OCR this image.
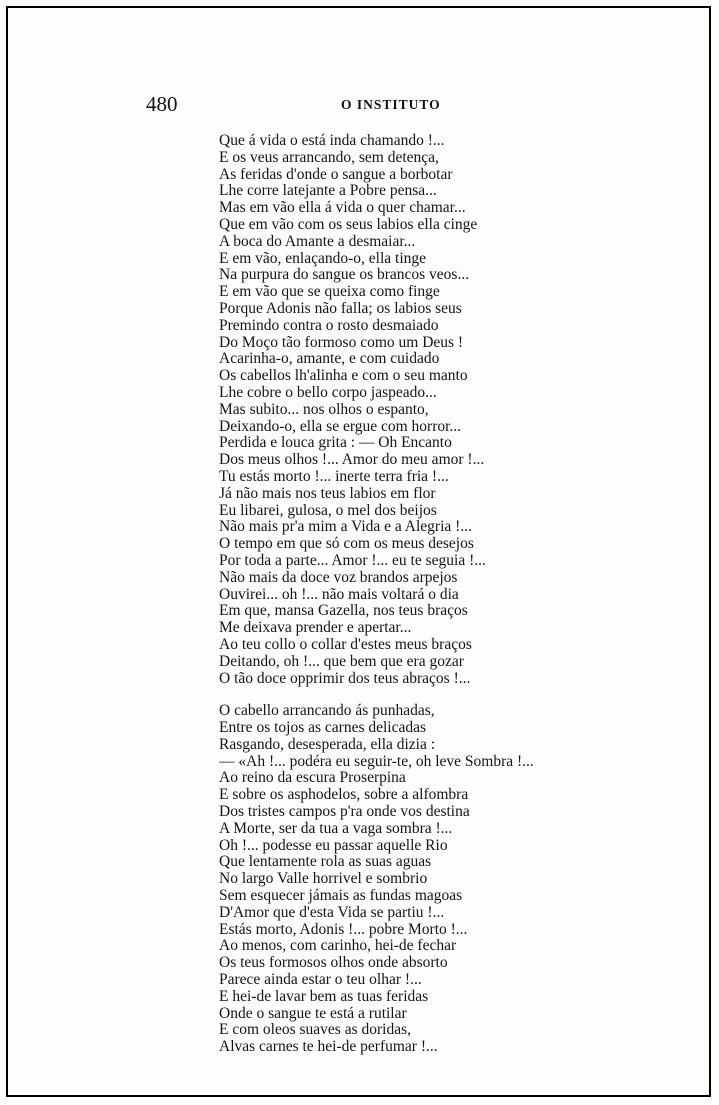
480	O INSTITUTO
Que á vida o está inda chamando !...
E os veus arrancando, sem detença,
As feridas d'onde o sangue a borbotar
Lhe corre latejante a Pobre pensa...
Mas em vão ella á vida o quer chamar...
Que em vão com os seus labios ella cinge
A boca do Amante a desmaiar...
E em vão, enlaçando-o, ella tinge
Na purpura do sangue os brancos veos...
E em vão que se queixa como finge
Porque Adonis não falla; os labios seus
Premindo contra o rosto desmaiado
Do Moço tão formoso como um Deus !
Acarinha-o, amante, e com cuidado
Os cabellos lh'alinha e com o seu manto
Lhe cobre o bello corpo jaspeado...
Mas subito... nos olhos o espanto,
Deixando-o, ella se ergue com horror...
Perdida e louca grita : — Oh Encanto
Dos meus olhos !... Amor do meu amor !...
Tu estás morto !... inerte terra fria !...
Já não mais nos teus labios em flor
Eu libarei, gulosa, o mel dos beijos
Não mais pr'a mim a Vida e a Alegria !...
O tempo em que só com os meus desejos
Por toda a parte... Amor !... eu te seguia !...
Não mais da doce voz brandos arpejos
Ouvirei... oh !... não mais voltará o dia
Em que, mansa Gazella, nos teus braços
Me deixava prender e apertar...
Ao teu collo o collar d'estes meus braços
Deitando, oh !... que bem que era gozar
O tão doce opprimir dos teus abraços !...
O cabello arrancando ás punhadas,
Entre os tojos as carnes delicadas
Rasgando, desesperada, ella dizia :
— «Ah !... podéra eu seguir-te, oh leve Sombra !...
Ao reino da escura Proserpina
E sobre os asphodelos, sobre a alfombra
Dos tristes campos p'ra onde vos destina
A Morte, ser da tua a vaga sombra !...
Oh !... podesse eu passar aquelle Rio
Que lentamente rola as suas aguas
No largo Valle horrivel e sombrio
Sem esquecer jámais as fundas magoas
D'Amor que d'esta Vida se partiu !...
Estás morto, Adonis !... pobre Morto !...
Ao menos, com carinho, hei-de fechar
Os teus formosos olhos onde absorto
Parece ainda estar o teu olhar !...
E hei-de lavar bem as tuas feridas
Onde o sangue te está a rutilar
E com oleos suaves as doridas,
Alvas carnes te hei-de perfumar !...
